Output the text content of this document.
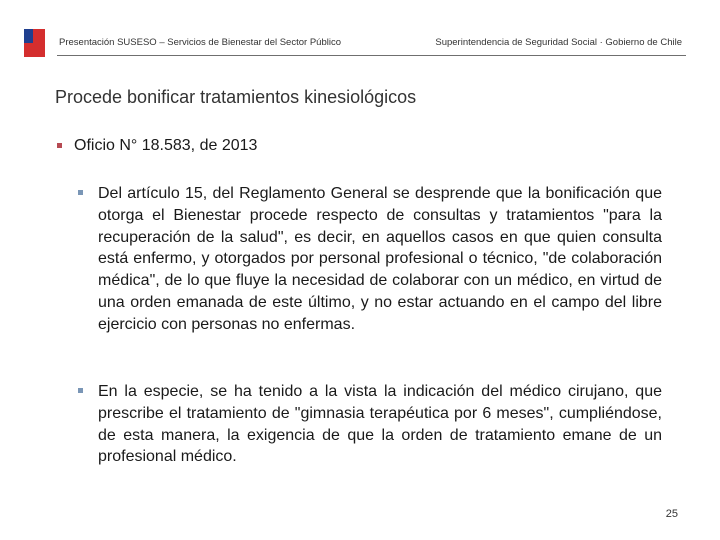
Presentación SUSESO – Servicios de Bienestar del Sector Público	Superintendencia de Seguridad Social · Gobierno de Chile
Procede bonificar tratamientos kinesiológicos
Oficio N° 18.583, de 2013
Del artículo 15, del Reglamento General se desprende que la bonificación que otorga el Bienestar procede respecto de consultas y tratamientos "para la recuperación de la salud", es decir, en aquellos casos en que quien consulta está enfermo, y otorgados por personal profesional o técnico, "de colaboración médica", de lo que fluye la necesidad de colaborar con un médico, en virtud de una orden emanada de este último, y no estar actuando en el campo del libre ejercicio con personas no enfermas.
En la especie, se ha tenido a la vista la indicación del médico cirujano, que prescribe el tratamiento de "gimnasia terapéutica por 6 meses", cumpliéndose, de esta manera, la exigencia de que la orden de tratamiento emane de un profesional médico.
25
